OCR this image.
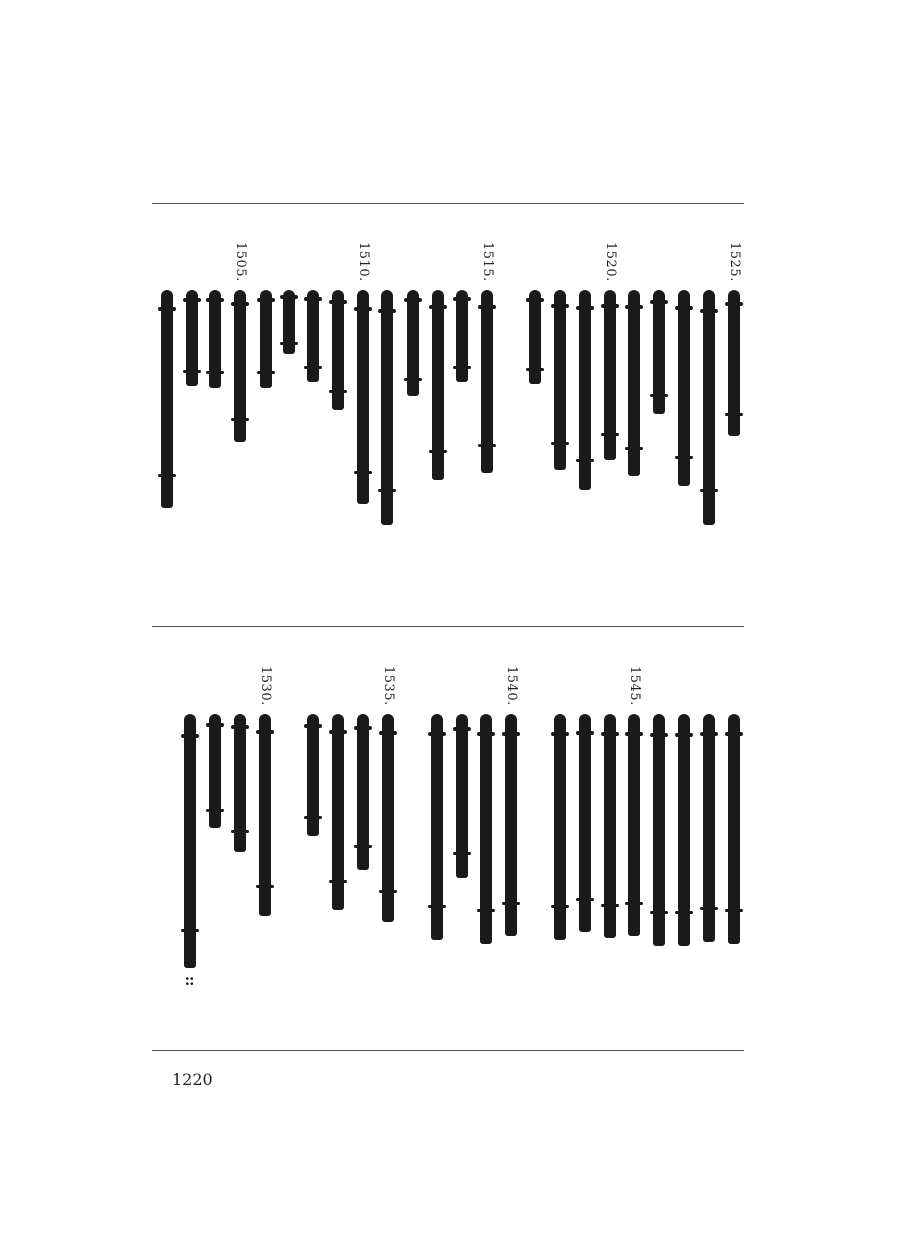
1525.
1520.
1515.
1510.
1505.
1545.
1540.
1535.
1530.
::
1220
